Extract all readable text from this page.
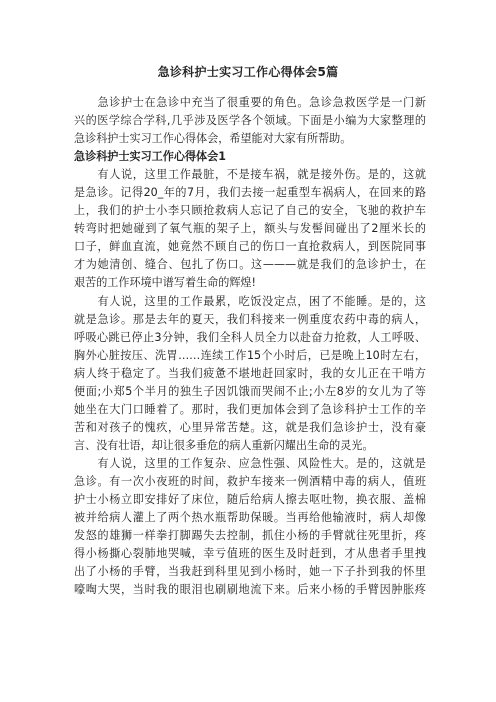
急诊科护士实习工作心得体会5篇
　　急诊护士在急诊中充当了很重要的角色。急诊急救医学是一门新
兴的医学综合学科,几乎涉及医学各个领域。下面是小编为大家整理的
急诊科护士实习工作心得体会，希望能对大家有所帮助。
急诊科护士实习工作心得体会1
　　有人说，这里工作最脏，不是接车祸，就是接外伤。是的，这就
是急诊。记得20_年的7月，我们去接一起重型车祸病人，在回来的路
上，我们的护士小李只顾抢救病人忘记了自己的安全，飞驰的救护车
转弯时把她碰到了氧气瓶的架子上，额头与发髻间碰出了2厘米长的
口子，鲜血直流，她竟然不顾自己的伤口一直抢救病人，到医院同事
才为她清创、缝合、包扎了伤口。这———就是我们的急诊护士，在
艰苦的工作环境中谱写着生命的辉煌!
　　有人说，这里的工作最累，吃饭没定点，困了不能睡。是的，这
就是急诊。那是去年的夏天，我们科接来一例重度农药中毒的病人，
呼吸心跳已停止3分钟，我们全科人员全力以赴奋力抢救，人工呼吸、
胸外心脏按压、洗胃……连续工作15个小时后，已是晚上10时左右，
病人终于稳定了。当我们疲惫不堪地赶回家时，我的女儿正在干啃方
便面;小郑5个半月的独生子因饥饿而哭闹不止;小左8岁的女儿为了等
她坐在大门口睡着了。那时，我们更加体会到了急诊科护士工作的辛
苦和对孩子的愧疚，心里异常苦楚。这，就是我们急诊护士，没有豪
言、没有壮语，却让很多垂危的病人重新闪耀出生命的灵光。
　　有人说，这里的工作复杂、应急性强、风险性大。是的，这就是
急诊。有一次小夜班的时间，救护车接来一例酒精中毒的病人，值班
护士小杨立即安排好了床位，随后给病人擦去呕吐物，换衣服、盖棉
被并给病人灌上了两个热水瓶帮助保暖。当再给他输液时，病人却像
发怒的雄狮一样拳打脚踢失去控制，抓住小杨的手臂就往死里折，疼
得小杨撕心裂肺地哭喊，幸亏值班的医生及时赶到，才从患者手里拽
出了小杨的手臂，当我赶到科里见到小杨时，她一下子扑到我的怀里
嚎啕大哭，当时我的眼泪也刷刷地流下来。后来小杨的手臂因肿胀疼
